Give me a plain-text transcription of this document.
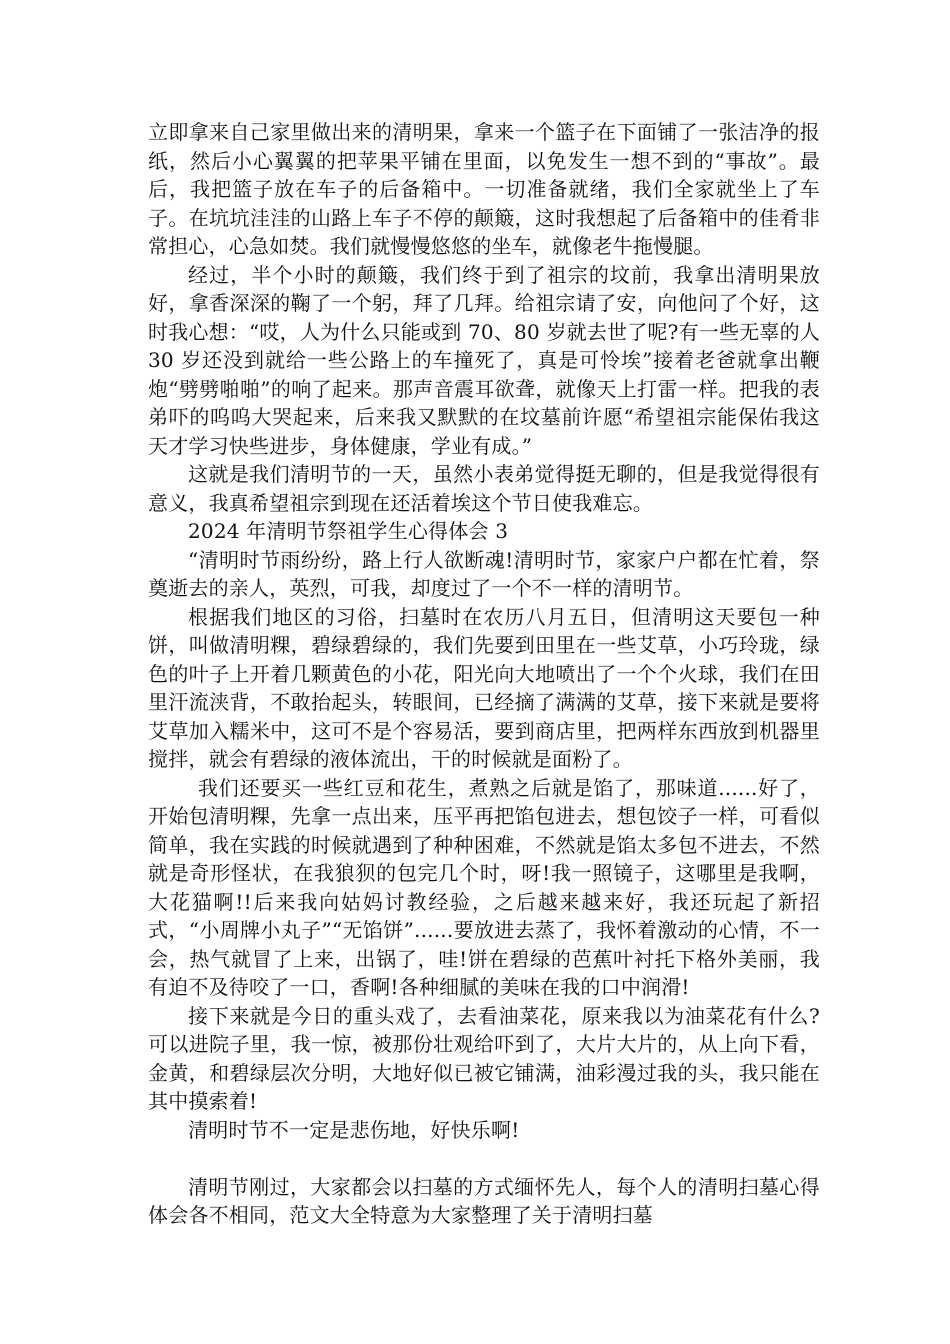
立即拿来自己家里做出来的清明果，拿来一个篮子在下面铺了一张洁净的报纸，然后小心翼翼的把苹果平铺在里面，以免发生一想不到的“事故”。最后，我把篮子放在车子的后备箱中。一切准备就绪，我们全家就坐上了车子。在坑坑洼洼的山路上车子不停的颠簸，这时我想起了后备箱中的佳肴非常担心，心急如焚。我们就慢慢悠悠的坐车，就像老牛拖慢腿。

经过，半个小时的颠簸，我们终于到了祖宗的坟前，我拿出清明果放好，拿香深深的鞠了一个躬，拜了几拜。给祖宗请了安，向他问了个好，这时我心想：“哎，人为什么只能或到 70、80 岁就去世了呢?有一些无辜的人 30 岁还没到就给一些公路上的车撞死了，真是可怜埃”接着老爸就拿出鞭炮“劈劈啪啪”的响了起来。那声音震耳欲聋，就像天上打雷一样。把我的表弟吓的呜呜大哭起来，后来我又默默的在坟墓前许愿“希望祖宗能保佑我这天才学习快些进步，身体健康，学业有成。”

这就是我们清明节的一天，虽然小表弟觉得挺无聊的，但是我觉得很有意义，我真希望祖宗到现在还活着埃这个节日使我难忘。

2024 年清明节祭祖学生心得体会 3

“清明时节雨纷纷，路上行人欲断魂!清明时节，家家户户都在忙着，祭奠逝去的亲人，英烈，可我，却度过了一个不一样的清明节。

根据我们地区的习俗，扫墓时在农历八月五日，但清明这天要包一种饼，叫做清明粿，碧绿碧绿的，我们先要到田里在一些艾草，小巧玲珑，绿色的叶子上开着几颗黄色的小花，阳光向大地喷出了一个个火球，我们在田里汗流浃背，不敢抬起头，转眼间，已经摘了满满的艾草，接下来就是要将艾草加入糯米中，这可不是个容易活，要到商店里，把两样东西放到机器里搅拌，就会有碧绿的液体流出，干的时候就是面粉了。

我们还要买一些红豆和花生，煮熟之后就是馅了，那味道......好了，开始包清明粿，先拿一点出来，压平再把馅包进去，想包饺子一样，可看似简单，我在实践的时候就遇到了种种困难，不然就是馅太多包不进去，不然就是奇形怪状，在我狼狈的包完几个时，呀!我一照镜子，这哪里是我啊，大花猫啊!!后来我向姑妈讨教经验，之后越来越来好，我还玩起了新招式，“小周牌小丸子”“无馅饼”......要放进去蒸了，我怀着激动的心情，不一会，热气就冒了上来，出锅了，哇!饼在碧绿的芭蕉叶衬托下格外美丽，我有迫不及待咬了一口，香啊!各种细腻的美味在我的口中润滑!

接下来就是今日的重头戏了，去看油菜花，原来我以为油菜花有什么?可以进院子里，我一惊，被那份壮观给吓到了，大片大片的，从上向下看，金黄，和碧绿层次分明，大地好似已被它铺满，油彩漫过我的头，我只能在其中摸索着!

清明时节不一定是悲伤地，好快乐啊!

清明节刚过，大家都会以扫墓的方式缅怀先人，每个人的清明扫墓心得体会各不相同，范文大全特意为大家整理了关于清明扫墓
